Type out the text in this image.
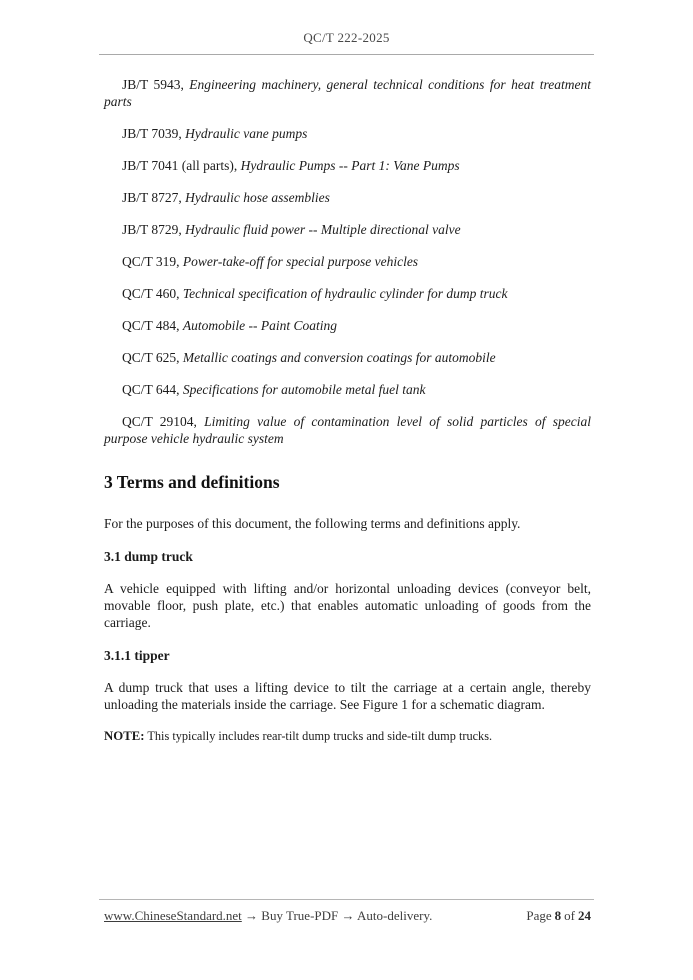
QC/T 222-2025

JB/T 5943, Engineering machinery, general technical conditions for heat treatment parts

JB/T 7039, Hydraulic vane pumps

JB/T 7041 (all parts), Hydraulic Pumps -- Part 1: Vane Pumps

JB/T 8727, Hydraulic hose assemblies

JB/T 8729, Hydraulic fluid power -- Multiple directional valve

QC/T 319, Power-take-off for special purpose vehicles

QC/T 460, Technical specification of hydraulic cylinder for dump truck

QC/T 484, Automobile -- Paint Coating

QC/T 625, Metallic coatings and conversion coatings for automobile

QC/T 644, Specifications for automobile metal fuel tank

QC/T 29104, Limiting value of contamination level of solid particles of special purpose vehicle hydraulic system

3 Terms and definitions

For the purposes of this document, the following terms and definitions apply.

3.1 dump truck

A vehicle equipped with lifting and/or horizontal unloading devices (conveyor belt, movable floor, push plate, etc.) that enables automatic unloading of goods from the carriage.

3.1.1 tipper

A dump truck that uses a lifting device to tilt the carriage at a certain angle, thereby unloading the materials inside the carriage. See Figure 1 for a schematic diagram.

NOTE: This typically includes rear-tilt dump trucks and side-tilt dump trucks.

www.ChineseStandard.net → Buy True-PDF → Auto-delivery.	Page 8 of 24
